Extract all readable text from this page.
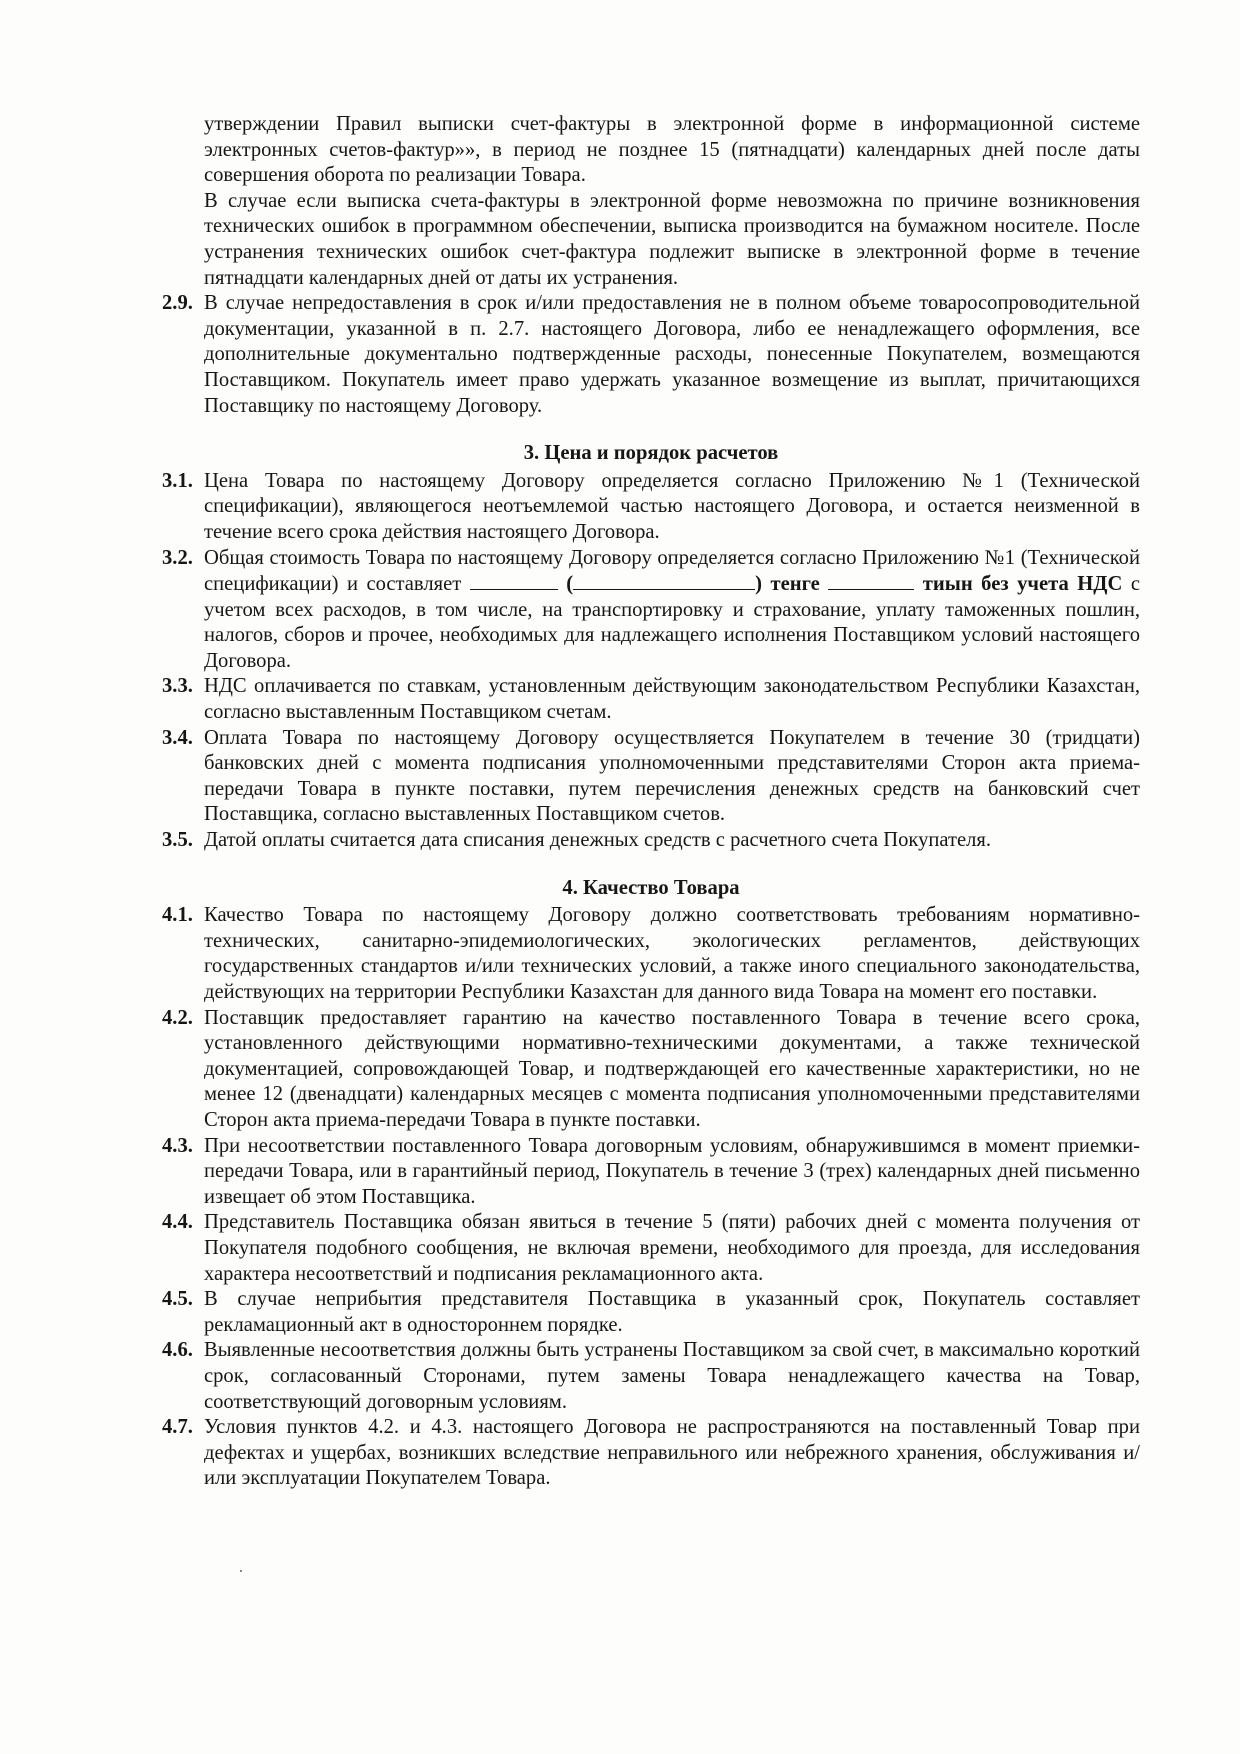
утверждении Правил выписки счет-фактуры в электронной форме в информационной системе электронных счетов-фактур»», в период не позднее 15 (пятнадцати) календарных дней после даты совершения оборота по реализации Товара.

В случае если выписка счета-фактуры в электронной форме невозможна по причине возникновения технических ошибок в программном обеспечении, выписка производится на бумажном носителе. После устранения технических ошибок счет-фактура подлежит выписке в электронной форме в течение пятнадцати календарных дней от даты их устранения.

2.9. В случае непредоставления в срок и/или предоставления не в полном объеме товаросопроводительной документации, указанной в п. 2.7. настоящего Договора, либо ее ненадлежащего оформления, все дополнительные документально подтвержденные расходы, понесенные Покупателем, возмещаются Поставщиком. Покупатель имеет право удержать указанное возмещение из выплат, причитающихся Поставщику по настоящему Договору.
3. Цена и порядок расчетов
3.1. Цена Товара по настоящему Договору определяется согласно Приложению №1 (Технической спецификации), являющегося неотъемлемой частью настоящего Договора, и остается неизменной в течение всего срока действия настоящего Договора.
3.2. Общая стоимость Товара по настоящему Договору определяется согласно Приложению №1 (Технической спецификации) и составляет	(	) тенге	тиын без учета НДС с учетом всех расходов, в том числе, на транспортировку и страхование, уплату таможенных пошлин, налогов, сборов и прочее, необходимых для надлежащего исполнения Поставщиком условий настоящего Договора.
3.3. НДС оплачивается по ставкам, установленным действующим законодательством Республики Казахстан, согласно выставленным Поставщиком счетам.
3.4. Оплата Товара по настоящему Договору осуществляется Покупателем в течение 30 (тридцати) банковских дней с момента подписания уполномоченными представителями Сторон акта приема-передачи Товара в пункте поставки, путем перечисления денежных средств на банковский счет Поставщика, согласно выставленных Поставщиком счетов.
3.5. Датой оплаты считается дата списания денежных средств с расчетного счета Покупателя.
4. Качество Товара
4.1. Качество Товара по настоящему Договору должно соответствовать требованиям нормативно-технических, санитарно-эпидемиологических, экологических регламентов, действующих государственных стандартов и/или технических условий, а также иного специального законодательства, действующих на территории Республики Казахстан для данного вида Товара на момент его поставки.
4.2. Поставщик предоставляет гарантию на качество поставленного Товара в течение всего срока, установленного действующими нормативно-техническими документами, а также технической документацией, сопровождающей Товар, и подтверждающей его качественные характеристики, но не менее 12 (двенадцати) календарных месяцев с момента подписания уполномоченными представителями Сторон акта приема-передачи Товара в пункте поставки.
4.3. При несоответствии поставленного Товара договорным условиям, обнаружившимся в момент приемки-передачи Товара, или в гарантийный период, Покупатель в течение 3 (трех) календарных дней письменно извещает об этом Поставщика.
4.4. Представитель Поставщика обязан явиться в течение 5 (пяти) рабочих дней с момента получения от Покупателя подобного сообщения, не включая времени, необходимого для проезда, для исследования характера несоответствий и подписания рекламационного акта.
4.5. В случае неприбытия представителя Поставщика в указанный срок, Покупатель составляет рекламационный акт в одностороннем порядке.
4.6. Выявленные несоответствия должны быть устранены Поставщиком за свой счет, в максимально короткий срок, согласованный Сторонами, путем замены Товара ненадлежащего качества на Товар, соответствующий договорным условиям.
4.7. Условия пунктов 4.2. и 4.3. настоящего Договора не распространяются на поставленный Товар при дефектах и ущербах, возникших вследствие неправильного или небрежного хранения, обслуживания и/или эксплуатации Покупателем Товара.
